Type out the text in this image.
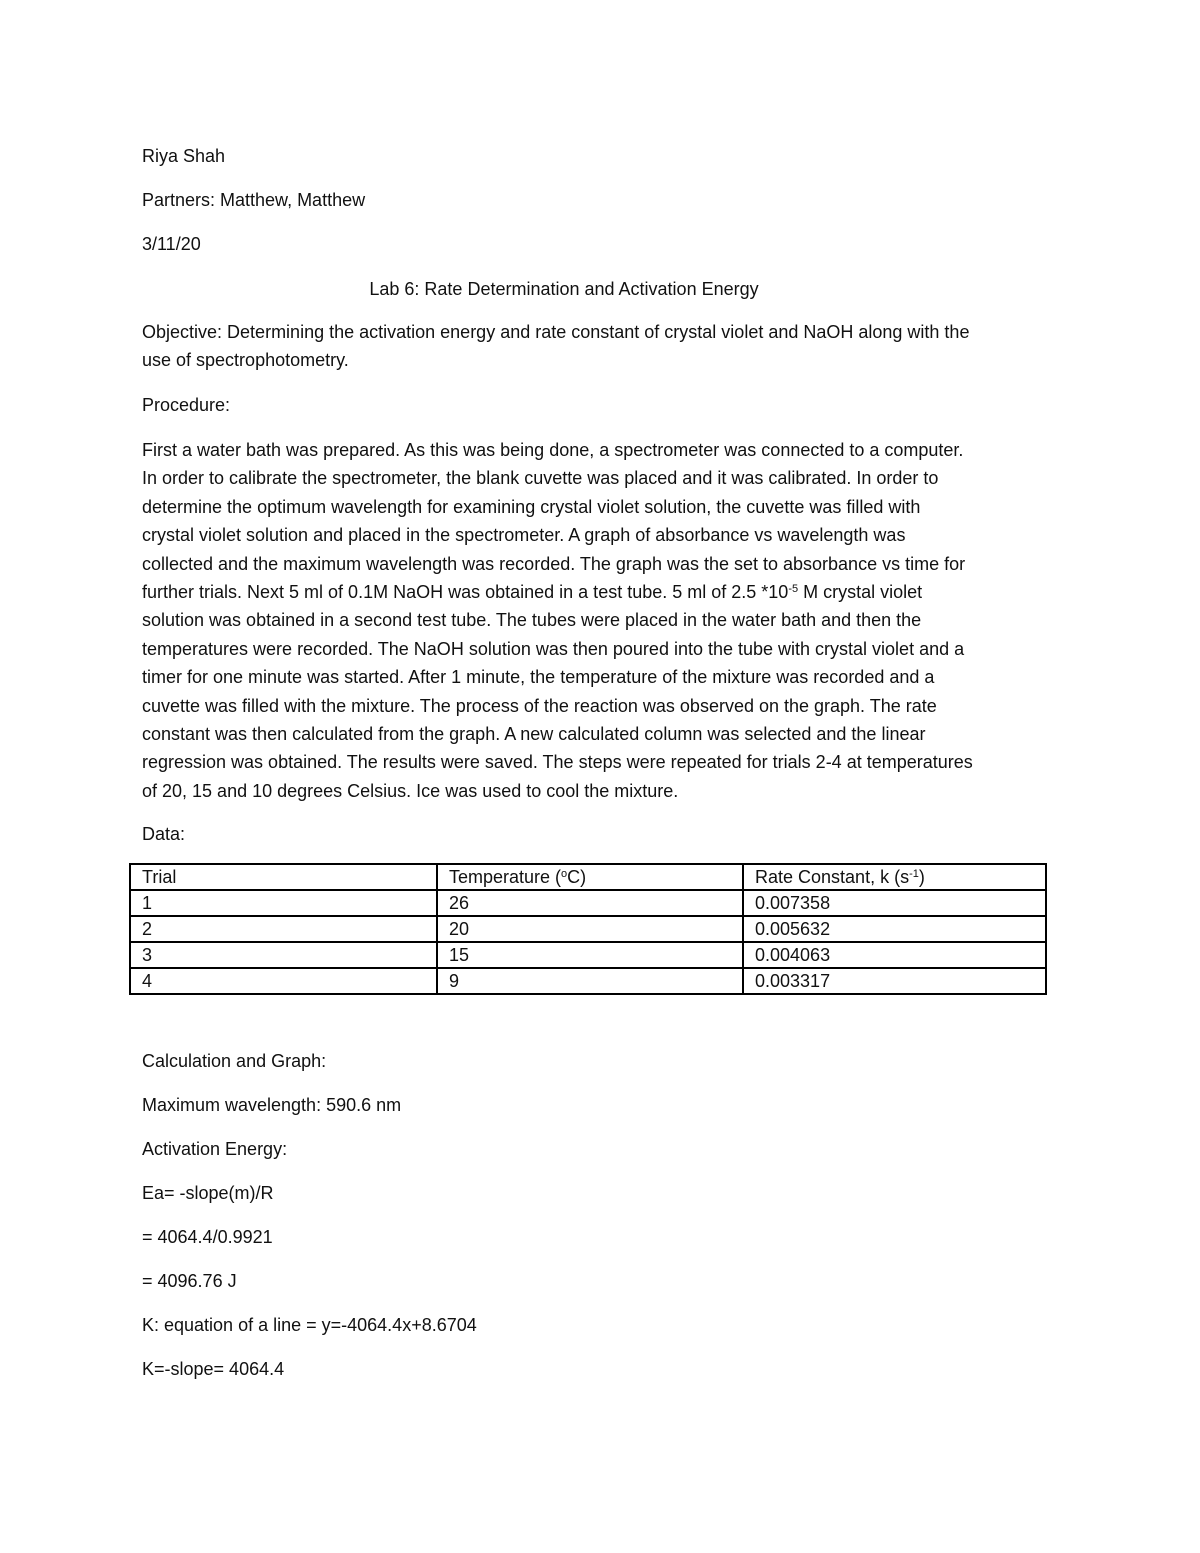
Riya Shah
Partners: Matthew, Matthew
3/11/20
Lab 6: Rate Determination and Activation Energy

Objective: Determining the activation energy and rate constant of crystal violet and NaOH along with the

use of spectrophotometry.

Procedure:

First a water bath was prepared. As this was being done, a spectrometer was connected to a computer.

In order to calibrate the spectrometer, the blank cuvette was placed and it was calibrated. In order to

determine the optimum wavelength for examining crystal violet solution, the cuvette was filled with

crystal violet solution and placed in the spectrometer. A graph of absorbance vs wavelength was

collected and the maximum wavelength was recorded. The graph was the set to absorbance vs time for

further trials. Next 5 ml of 0.1M NaOH was obtained in a test tube. 5 ml of 2.5 $*10^{-5}$ M crystal violet

solution was obtained in a second test tube. The tubes were placed in the water bath and then the

temperatures were recorded. The NaOH solution was then poured into the tube with crystal violet and a

timer for one minute was started. After 1 minute, the temperature of the mixture was recorded and a

cuvette was filled with the mixture. The process of the reaction was observed on the graph. The rate

constant was then calculated from the graph. A new calculated column was selected and the linear

regression was obtained. The results were saved. The steps were repeated for trials 2-4 at temperatures

of 20, 15 and 10 degrees Celsius. Ice was used to cool the mixture.

Data:
Trial	Temperature ($^o$C)	Rate Constant, k $(s^{-1})$
1	26	0.007358
2	20	0.005632
3	15	0.004063
4	9	0.003317
Calculation and Graph:
Maximum wavelength: 590.6 nm
Activation Energy:
Ea= -slope(m)/R
= 4064.4/0.9921
= 4096.76 J
K: equation of a line = y=-4064.4x+8.6704
K=-slope= 4064.4
